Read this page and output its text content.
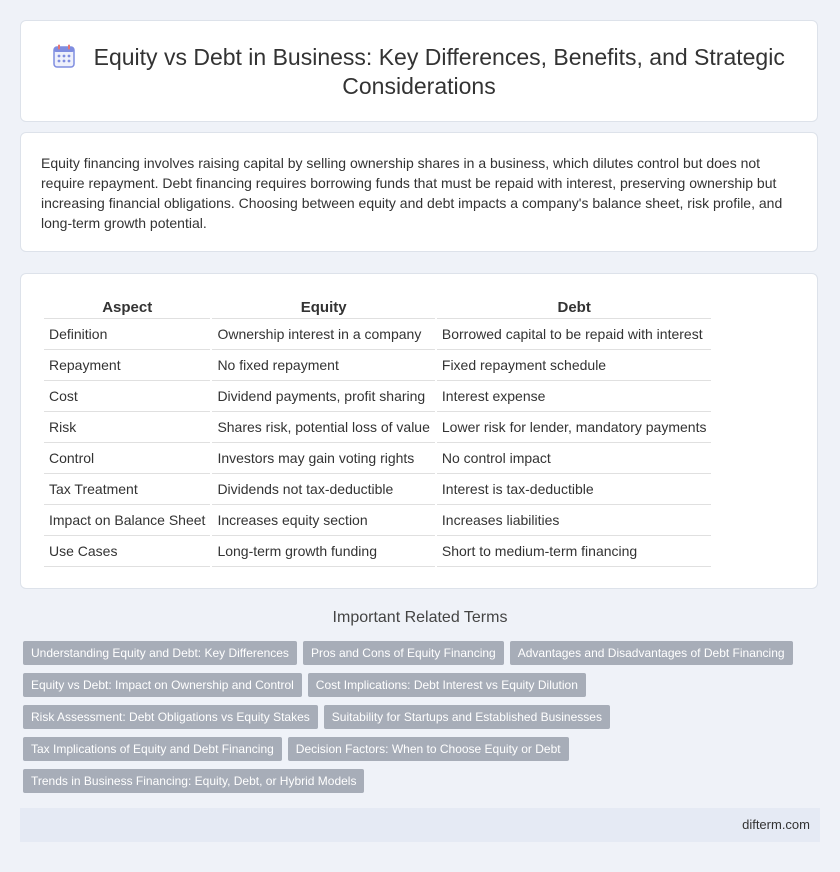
Equity vs Debt in Business: Key Differences, Benefits, and Strategic Considerations

Equity financing involves raising capital by selling ownership shares in a business, which dilutes control but does not require repayment. Debt financing requires borrowing funds that must be repaid with interest, preserving ownership but increasing financial obligations. Choosing between equity and debt impacts a company's balance sheet, risk profile, and long-term growth potential.

Aspect	Equity	Debt
Definition	Ownership interest in a company	Borrowed capital to be repaid with interest
Repayment	No fixed repayment	Fixed repayment schedule
Cost	Dividend payments, profit sharing	Interest expense
Risk	Shares risk, potential loss of value	Lower risk for lender, mandatory payments
Control	Investors may gain voting rights	No control impact
Tax Treatment	Dividends not tax-deductible	Interest is tax-deductible
Impact on Balance Sheet	Increases equity section	Increases liabilities
Use Cases	Long-term growth funding	Short to medium-term financing
Important Related Terms
Understanding Equity and Debt: Key Differences Pros and Cons of Equity Financing Advantages and Disadvantages of Debt Financing
Equity vs Debt: Impact on Ownership and Control Cost Implications: Debt Interest vs Equity Dilution
Risk Assessment: Debt Obligations vs Equity Stakes Suitability for Startups and Established Businesses
Tax Implications of Equity and Debt Financing Decision Factors: When to Choose Equity or Debt
Trends in Business Financing: Equity, Debt, or Hybrid Models
difterm.com
